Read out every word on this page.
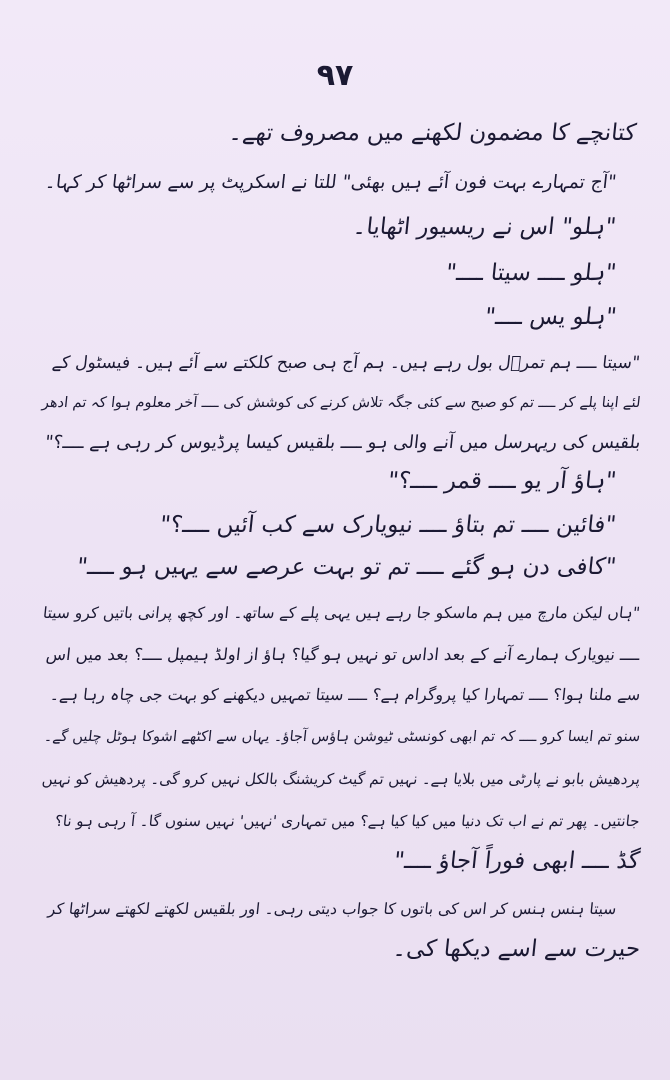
۹۷
کتانچے کا مضمون لکھنے میں مصروف تھے۔
"آج تمہارے بہت فون آئے ہیں بھئی" للتا نے اسکرپٹ پر سے سراٹھا کر کہا۔
"ہلو" اس نے ریسیور اٹھایا۔
"ہلو ــــ سیتا ــــ"
"ہلو یس ــــ"
"سیتا ــــ ہم تمرؔل بول رہے ہیں۔ ہم آج ہی صبح کلکتے سے آئے ہیں۔ فیسٹول کے
لئے اپنا پلے کر ــــ تم کو صبح سے کئی جگہ تلاش کرنے کی کوشش کی ــــ آخر معلوم ہوا کہ تم ادھر
بلقیس کی ریہرسل میں آنے والی ہو ــــ بلقیس کیسا پرڈیوس کر رہی ہے ــــ؟"
"ہاؤ آر یو ــــ قمر ــــ؟"
"فائین ــــ تم بتاؤ ــــ نیویارک سے کب آئیں ــــ؟"
"کافی دن ہو گئے ــــ تم تو بہت عرصے سے یہیں ہو ــــ"
"ہاں لیکن مارچ میں ہم ماسکو جا رہے ہیں یہی پلے کے ساتھ۔ اور کچھ پرانی باتیں کرو سیتا
ــــ نیویارک ہمارے آنے کے بعد اداس تو نہیں ہو گیا؟ ہاؤ از اولڈ ہیمپل ــــ؟ بعد میں اس
سے ملنا ہوا؟ ــــ تمہارا کیا پروگرام ہے؟ ــــ سیتا تمہیں دیکھنے کو بہت جی چاہ رہا ہے۔
سنو تم ایسا کرو ــــ کہ تم ابھی کونسٹی ٹیوشن ہاؤس آجاؤ۔ یہاں سے اکٹھے اشوکا ہوٹل چلیں گے۔
پردھیش بابو نے پارٹی میں بلایا ہے۔ نہیں تم گیٹ کریشنگ بالکل نہیں کرو گی۔ پردھیش کو نہیں
جانتیں۔ پھر تم نے اب تک دنیا میں کیا کیا ہے؟ میں تمہاری 'نہیں' نہیں سنوں گا۔ آ رہی ہو نا؟
گڈ ــــ ابھی فوراً آجاؤ ــــ"
سیتا ہنس ہنس کر اس کی باتوں کا جواب دیتی رہی۔ اور بلقیس لکھتے لکھتے سراٹھا کر
حیرت سے اسے دیکھا کی۔
